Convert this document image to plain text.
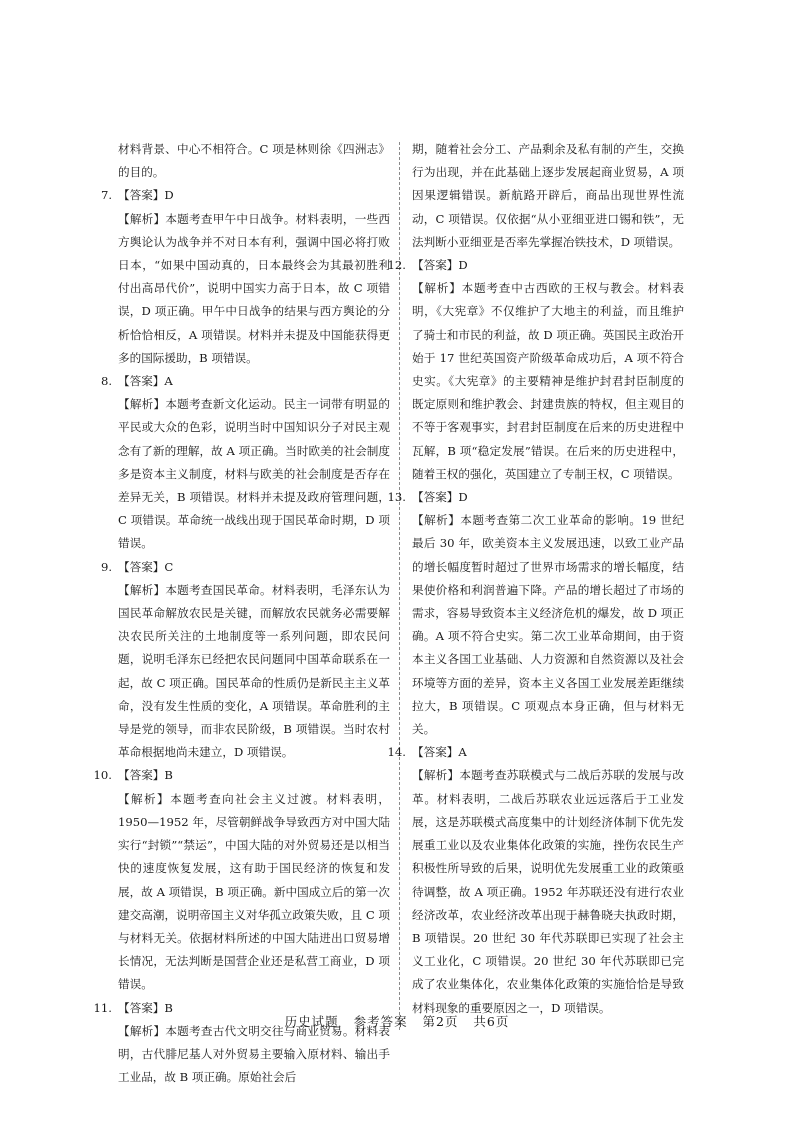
材料背景、中心不相符合。C 项是林则徐《四洲志》的目的。

7. 【答案】D

【解析】本题考查甲午中日战争。材料表明，一些西方舆论认为战争并不对日本有利，强调中国必将打败日本，“如果中国动真的，日本最终会为其最初胜利付出高昂代价”，说明中国实力高于日本，故 C 项错误，D 项正确。甲午中日战争的结果与西方舆论的分析恰恰相反，A 项错误。材料并未提及中国能获得更多的国际援助，B 项错误。

8. 【答案】A

【解析】本题考查新文化运动。民主一词带有明显的平民或大众的色彩，说明当时中国知识分子对民主观念有了新的理解，故 A 项正确。当时欧美的社会制度多是资本主义制度，材料与欧美的社会制度是否存在差异无关，B 项错误。材料并未提及政府管理问题，C 项错误。革命统一战线出现于国民革命时期，D 项错误。

9. 【答案】C

【解析】本题考查国民革命。材料表明，毛泽东认为国民革命解放农民是关键，而解放农民就务必需要解决农民所关注的土地制度等一系列问题，即农民问题，说明毛泽东已经把农民问题同中国革命联系在一起，故 C 项正确。国民革命的性质仍是新民主主义革命，没有发生性质的变化，A 项错误。革命胜利的主导是党的领导，而非农民阶级，B 项错误。当时农村革命根据地尚未建立，D 项错误。

10. 【答案】B

【解析】本题考查向社会主义过渡。材料表明，1950—1952 年，尽管朝鲜战争导致西方对中国大陆实行“封锁”“禁运”，中国大陆的对外贸易还是以相当快的速度恢复发展，这有助于国民经济的恢复和发展，故 A 项错误，B 项正确。新中国成立后的第一次建交高潮，说明帝国主义对华孤立政策失败，且 C 项与材料无关。依据材料所述的中国大陆进出口贸易增长情况，无法判断是国营企业还是私营工商业，D 项错误。

11. 【答案】B

【解析】本题考查古代文明交往与商业贸易。材料表明，古代腓尼基人对外贸易主要输入原材料、输出手工业品，故 B 项正确。原始社会后

期，随着社会分工、产品剩余及私有制的产生，交换行为出现，并在此基础上逐步发展起商业贸易，A 项因果逻辑错误。新航路开辟后，商品出现世界性流动，C 项错误。仅依据“从小亚细亚进口锡和铁”，无法判断小亚细亚是否率先掌握冶铁技术，D 项错误。

12. 【答案】D

【解析】本题考查中古西欧的王权与教会。材料表明，《大宪章》不仅维护了大地主的利益，而且维护了骑士和市民的利益，故 D 项正确。英国民主政治开始于 17 世纪英国资产阶级革命成功后，A 项不符合史实。《大宪章》的主要精神是维护封君封臣制度的既定原则和维护教会、封建贵族的特权，但主观目的不等于客观事实，封君封臣制度在后来的历史进程中瓦解，B 项“稳定发展”错误。在后来的历史进程中，随着王权的强化，英国建立了专制王权，C 项错误。

13. 【答案】D

【解析】本题考查第二次工业革命的影响。19 世纪最后 30 年，欧美资本主义发展迅速，以致工业产品的增长幅度暂时超过了世界市场需求的增长幅度，结果使价格和利润普遍下降。产品的增长超过了市场的需求，容易导致资本主义经济危机的爆发，故 D 项正确。A 项不符合史实。第二次工业革命期间，由于资本主义各国工业基础、人力资源和自然资源以及社会环境等方面的差异，资本主义各国工业发展差距继续拉大，B 项错误。C 项观点本身正确，但与材料无关。

14. 【答案】A

【解析】本题考查苏联模式与二战后苏联的发展与改革。材料表明，二战后苏联农业远远落后于工业发展，这是苏联模式高度集中的计划经济体制下优先发展重工业以及农业集体化政策的实施，挫伤农民生产积极性所导致的后果，说明优先发展重工业的政策亟待调整，故 A 项正确。1952 年苏联还没有进行农业经济改革，农业经济改革出现于赫鲁晓夫执政时期，B 项错误。20 世纪 30 年代苏联即已实现了社会主义工业化，C 项错误。20 世纪 30 年代苏联即已完成了农业集体化，农业集体化政策的实施恰恰是导致材料现象的重要原因之一，D 项错误。

历史试题   参考答案   第2页   共6页
